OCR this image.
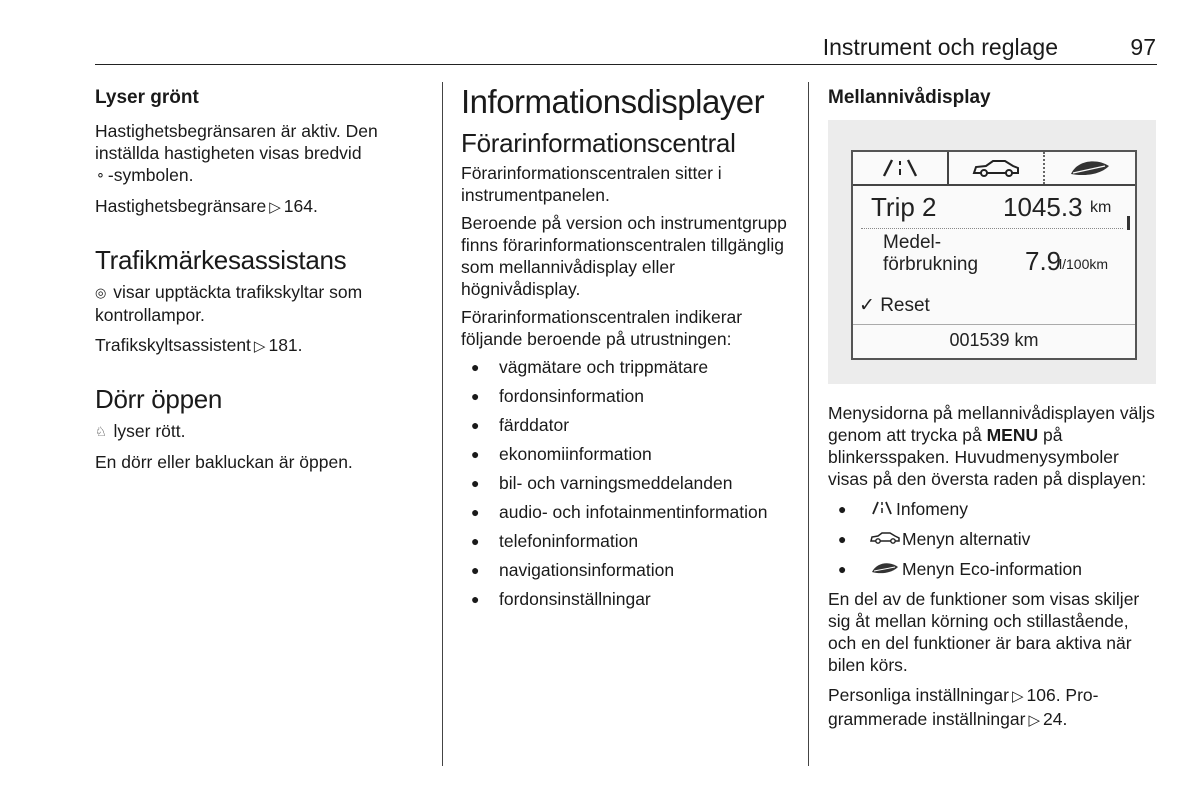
Instrument och reglage	97
Lyser grönt

Hastighetsbegränsaren är aktiv. Den inställda hastigheten visas bredvid
⚬ -symbolen.

Hastighetsbegränsare ▷ 164.

Trafikmärkesassistans

◎ visar upptäckta trafikskyltar som kontrollampor.

Trafikskyltsassistent ▷ 181.

Dörr öppen

♘ lyser rött.

En dörr eller bakluckan är öppen.

Informationsdisplayer
Förarinformationscentral

Förarinformationscentralen sitter i instrumentpanelen.

Beroende på version och instrumentgrupp finns förarinformationscentralen tillgänglig som mellannivådisplay eller högnivådisplay.

Förarinformationscentralen indikerar följande beroende på utrustningen:

● vägmätare och trippmätare
● fordonsinformation
● färddator
● ekonomiinformation
● bil- och varningsmeddelanden
● audio- och infotainmentinformation
● telefoninformation
● navigationsinformation
● fordonsinställningar
Mellannivådisplay
Trip 2	1045.3 km
Medel-
förbrukning 7.9
l/100km
✓ Reset
001539 km

Menysidorna på mellannivådisplayen väljs genom att trycka på MENU på blinkersspaken. Huvudmenysymboler visas på den översta raden på displayen:

●	Infomeny
●	Menyn alternativ
●	Menyn Eco-information

En del av de funktioner som visas skiljer sig åt mellan körning och stillastående, och en del funktioner är bara aktiva när bilen körs.

Personliga inställningar ▷ 106. Programmerade inställningar ▷ 24.
